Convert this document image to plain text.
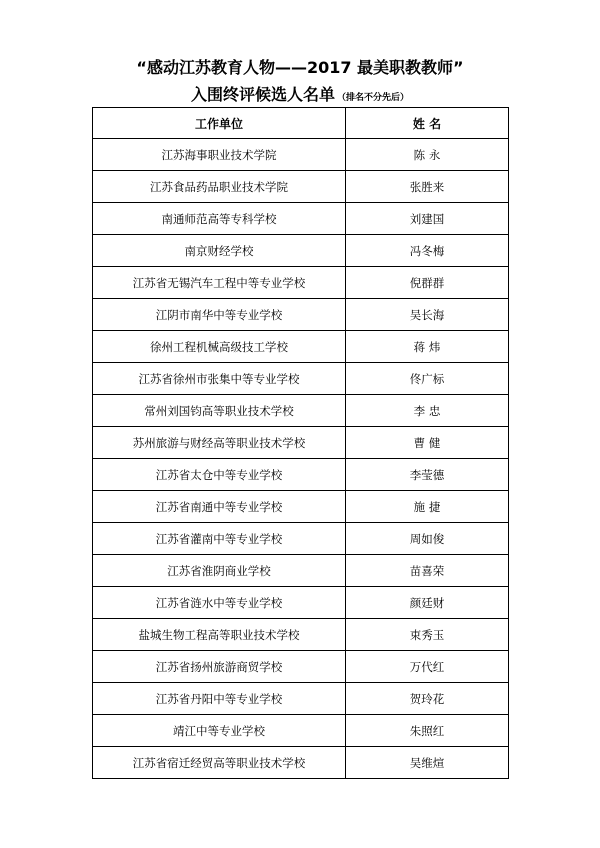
“感动江苏教育人物——2017 最美职教教师”
入围终评候选人名单 （排名不分先后）
工作单位	姓 名
江苏海事职业技术学院	陈 永
江苏食品药品职业技术学院	张胜来
南通师范高等专科学校	刘建国
南京财经学校	冯冬梅
江苏省无锡汽车工程中等专业学校	倪群群
江阴市南华中等专业学校	吴长海
徐州工程机械高级技工学校	蒋 炜
江苏省徐州市张集中等专业学校	佟广标
常州刘国钧高等职业技术学校	李 忠
苏州旅游与财经高等职业技术学校	曹 健
江苏省太仓中等专业学校	李莹德
江苏省南通中等专业学校	施 捷
江苏省灌南中等专业学校	周如俊
江苏省淮阴商业学校	苗喜荣
江苏省涟水中等专业学校	颜廷财
盐城生物工程高等职业技术学校	束秀玉
江苏省扬州旅游商贸学校	万代红
江苏省丹阳中等专业学校	贺玲花
靖江中等专业学校	朱照红
江苏省宿迁经贸高等职业技术学校	吴维煊
